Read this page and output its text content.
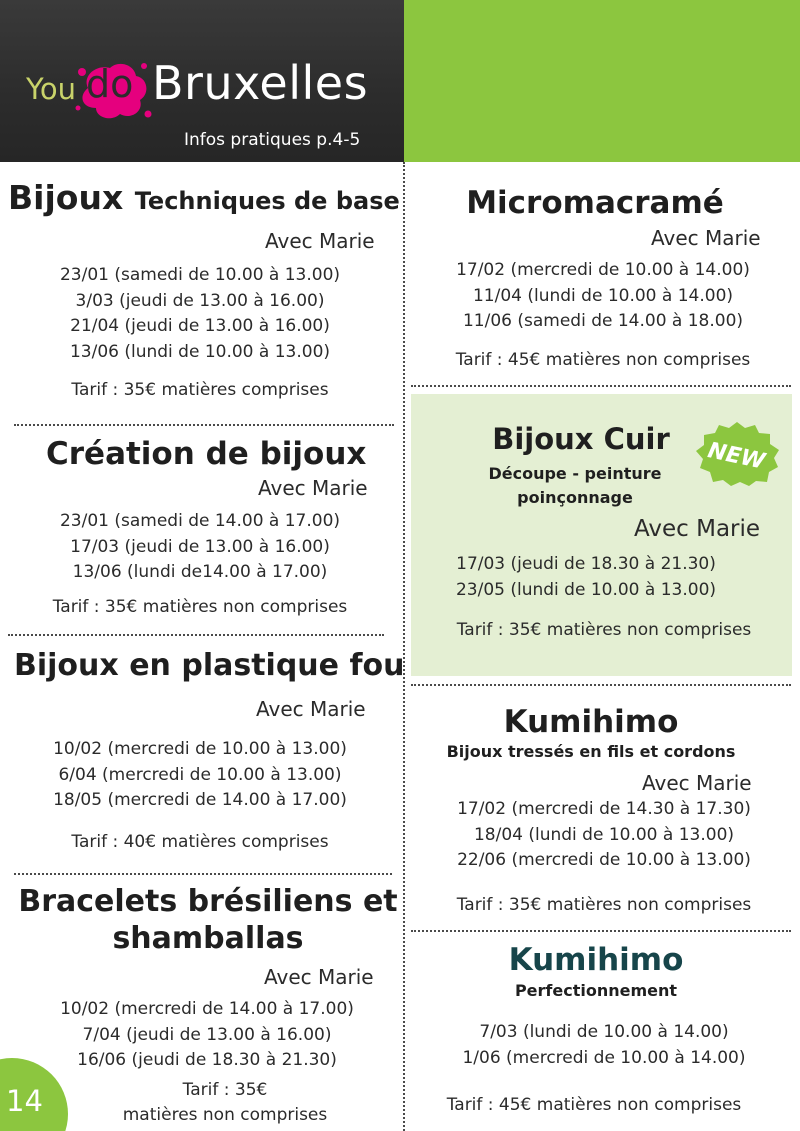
You do Bruxelles
Infos pratiques p.4-5
Bijoux Techniques de base
Avec Marie
23/01 (samedi de 10.00 à 13.00)
3/03 (jeudi de 13.00 à 16.00)
21/04 (jeudi de 13.00 à 16.00)
13/06 (lundi de 10.00 à 13.00)
Tarif : 35€ matières comprises
Création de bijoux
Avec Marie
23/01 (samedi de 14.00 à 17.00)
17/03 (jeudi de 13.00 à 16.00)
13/06 (lundi de14.00 à 17.00)
Tarif : 35€ matières non comprises
Bijoux en plastique fou
Avec Marie
10/02 (mercredi de 10.00 à 13.00)
6/04 (mercredi de 10.00 à 13.00)
18/05 (mercredi de 14.00 à 17.00)
Tarif : 40€ matières comprises
Bracelets brésiliens et
shamballas
Avec Marie
10/02 (mercredi de 14.00 à 17.00)
7/04 (jeudi de 13.00 à 16.00)
16/06 (jeudi de 18.30 à 21.30)
Tarif : 35€
matières non comprises
14
Micromacramé
Avec Marie
17/02 (mercredi de 10.00 à 14.00)
11/04 (lundi de 10.00 à 14.00)
11/06 (samedi de 14.00 à 18.00)
Tarif : 45€ matières non comprises
Bijoux Cuir
Découpe - peinture
poinçonnage
NEW
Avec Marie
17/03 (jeudi de 18.30 à 21.30)
23/05 (lundi de 10.00 à 13.00)
Tarif : 35€ matières non comprises
Kumihimo
Bijoux tressés en fils et cordons
Avec Marie
17/02 (mercredi de 14.30 à 17.30)
18/04 (lundi de 10.00 à 13.00)
22/06 (mercredi de 10.00 à 13.00)
Tarif : 35€ matières non comprises
Kumihimo
Perfectionnement
7/03 (lundi de 10.00 à 14.00)
1/06 (mercredi de 10.00 à 14.00)
Tarif : 45€ matières non comprises
